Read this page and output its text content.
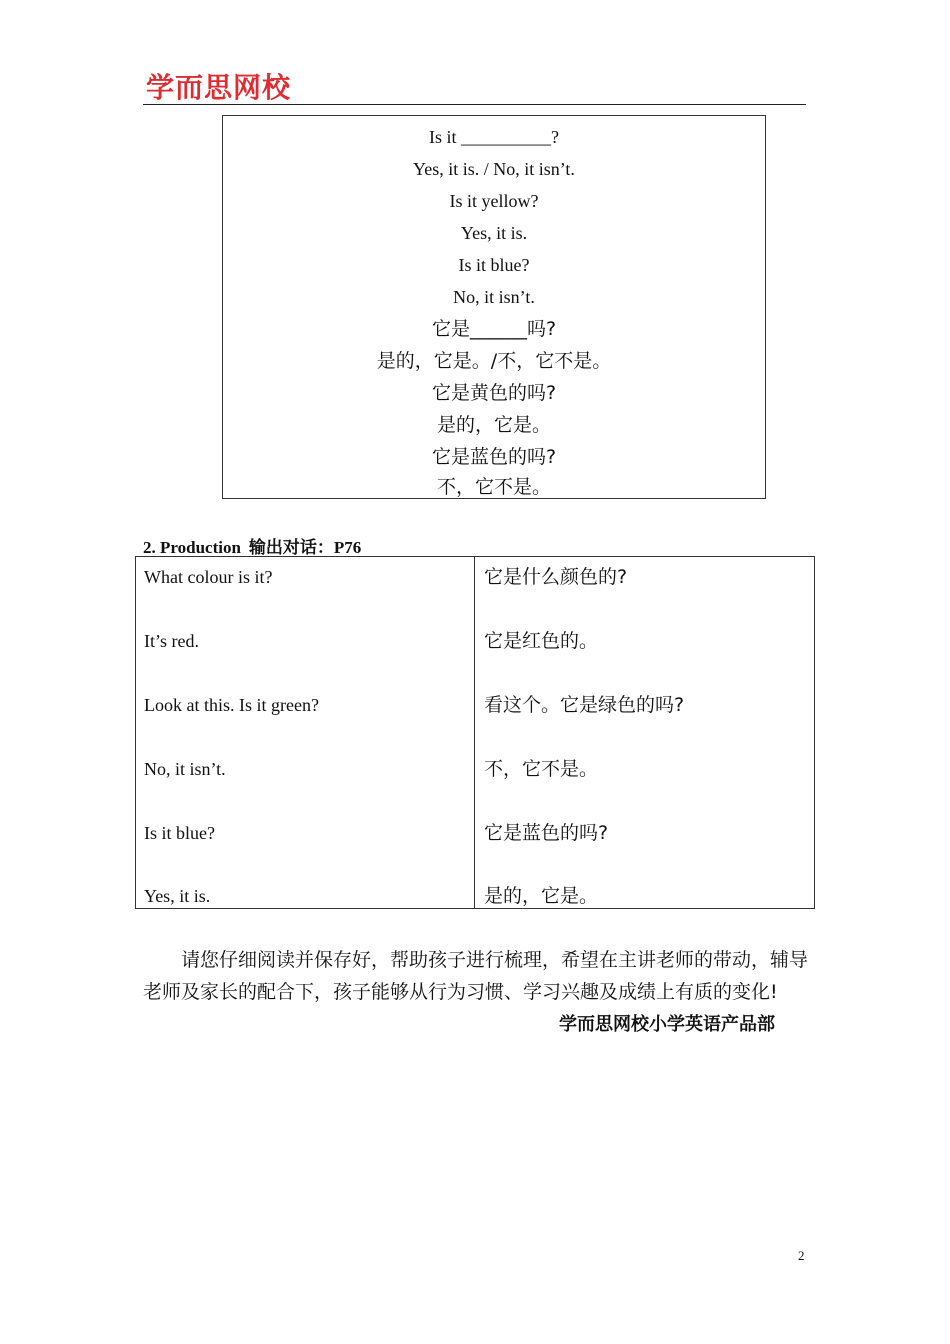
学而思网校
Is it __________?
Yes, it is. / No, it isn’t.
Is it yellow?
Yes, it is.
Is it blue?
No, it isn’t.
它是______吗?
是的，它是。/不，它不是。
它是黄色的吗?
是的，它是。
它是蓝色的吗?
不，它不是。
2. Production 输出对话：P76
What colour is it?	它是什么颜色的?
It’s red.	它是红色的。
Look at this. Is it green?	看这个。它是绿色的吗?
No, it isn’t.	不，它不是。
Is it blue?	它是蓝色的吗?
Yes, it is.	是的，它是。
请您仔细阅读并保存好，帮助孩子进行梳理，希望在主讲老师的带动，辅导
老师及家长的配合下，孩子能够从行为习惯、学习兴趣及成绩上有质的变化!
学而思网校小学英语产品部
2
